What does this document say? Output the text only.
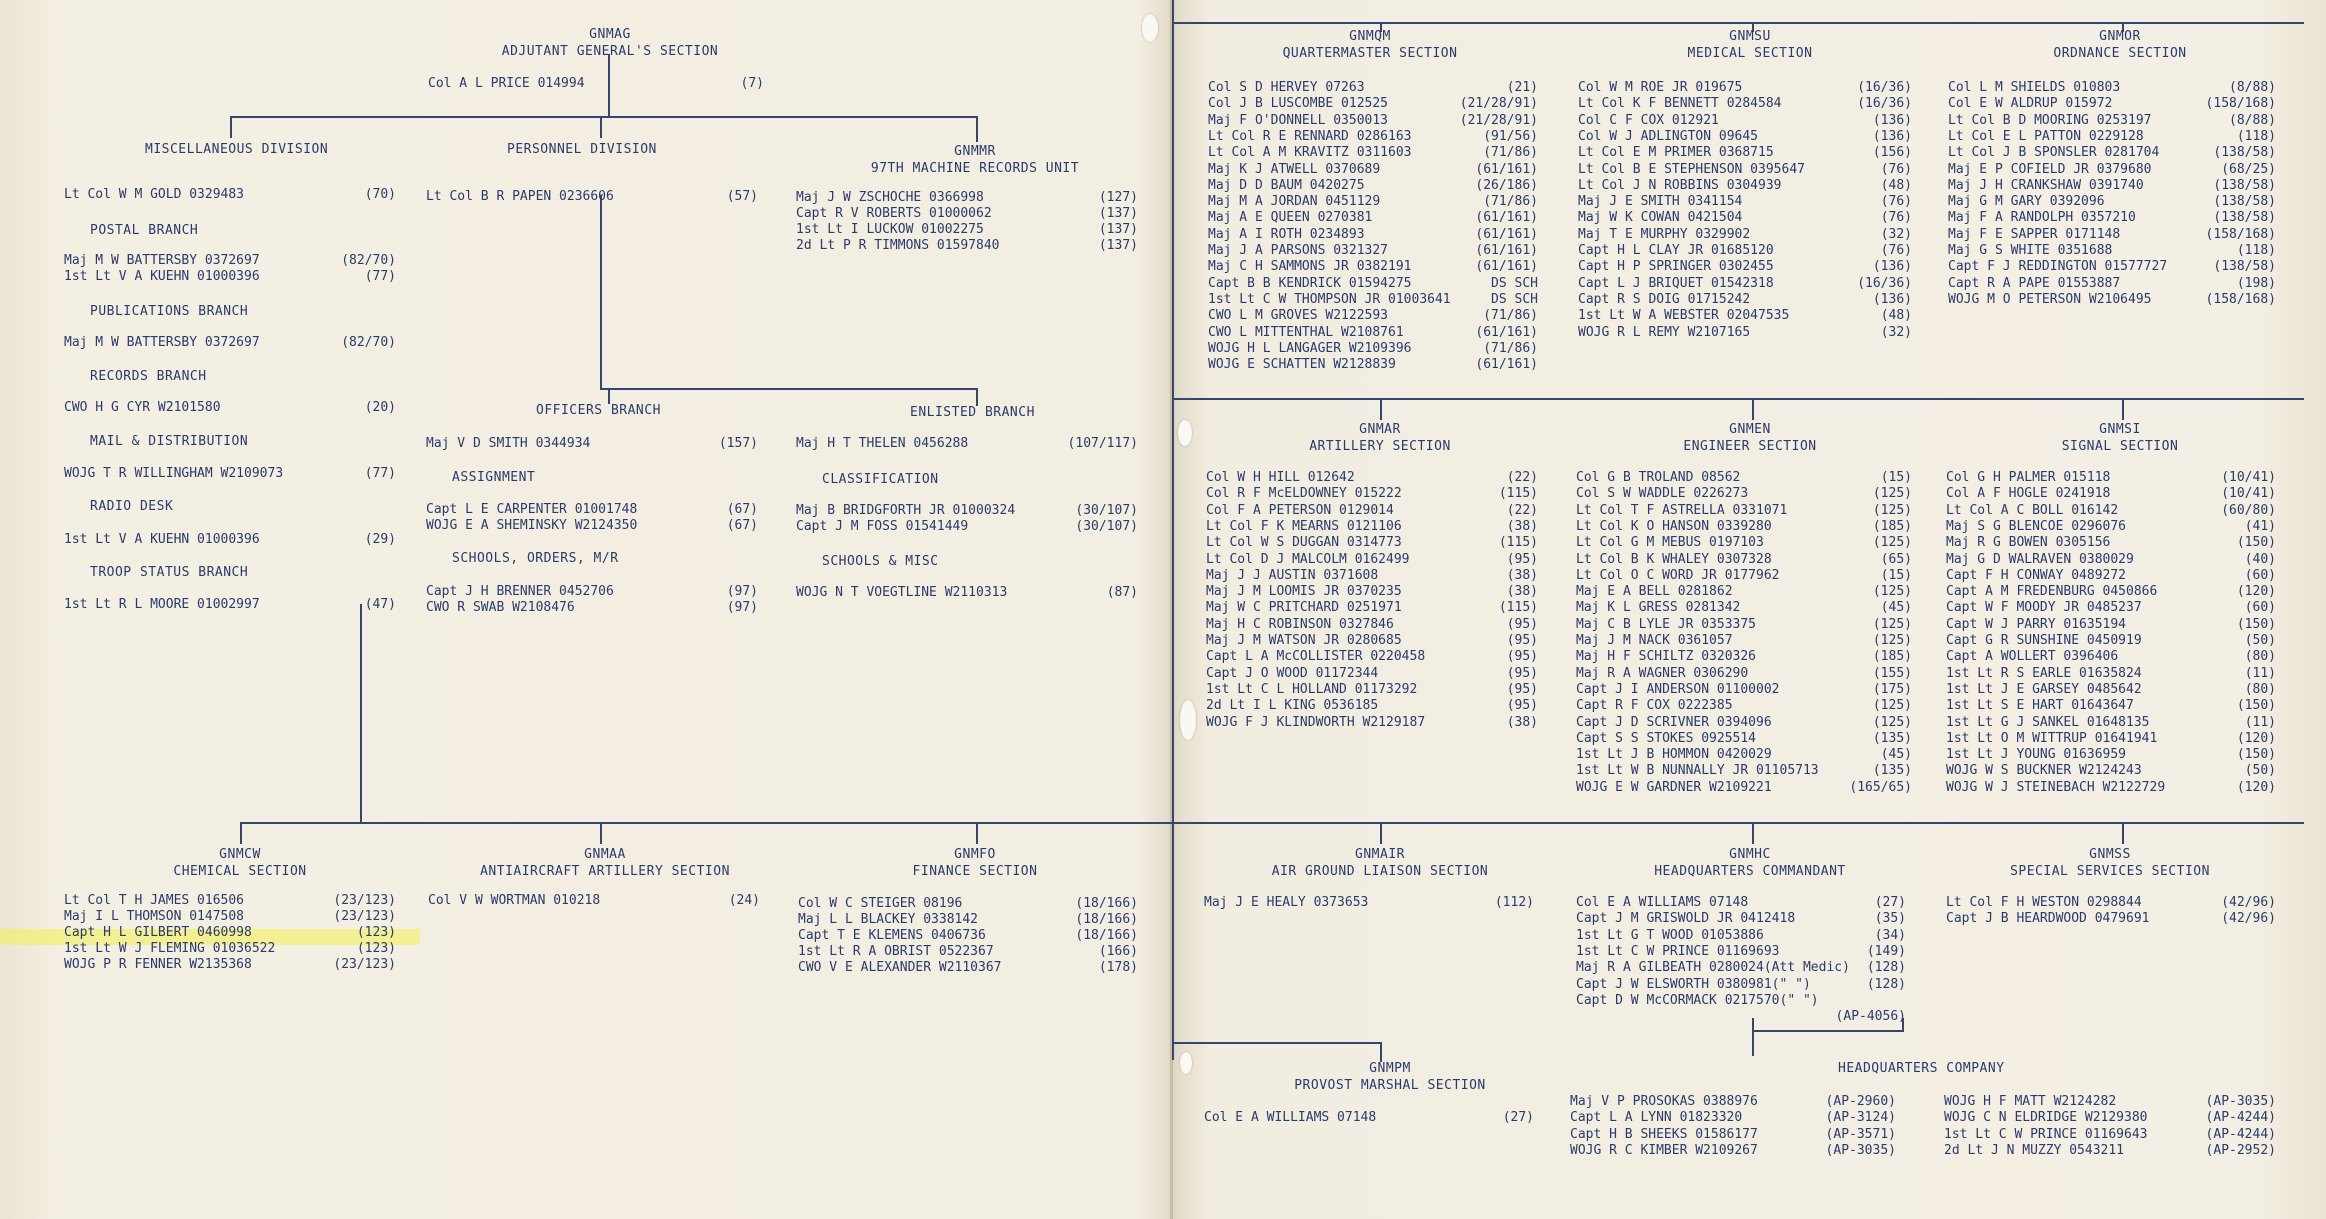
GNMAG
ADJUTANT GENERAL'S SECTION
Col A L PRICE 014994	(7)
MISCELLANEOUS DIVISION
Lt Col W M GOLD 0329483	(70)
POSTAL BRANCH
Maj M W BATTERSBY 0372697	(82/70)
1st Lt V A KUEHN 01000396	(77)
PUBLICATIONS BRANCH
Maj M W BATTERSBY 0372697	(82/70)
RECORDS BRANCH
CWO H G CYR W2101580	(20)
MAIL & DISTRIBUTION
WOJG T R WILLINGHAM W2109073	(77)
RADIO DESK
1st Lt V A KUEHN 01000396	(29)
TROOP STATUS BRANCH
1st Lt R L MOORE 01002997	(47)
PERSONNEL DIVISION
Lt Col B R PAPEN 0236606	(57)
GNMMR
97TH MACHINE RECORDS UNIT
Maj J W ZSCHOCHE 0366998	(127)
Capt R V ROBERTS 01000062	(137)
1st Lt I LUCKOW 01002275	(137)
2d Lt P R TIMMONS 01597840	(137)
OFFICERS BRANCH
Maj V D SMITH 0344934	(157)
ASSIGNMENT
Capt L E CARPENTER 01001748	(67)
WOJG E A SHEMINSKY W2124350	(67)
SCHOOLS, ORDERS, M/R
Capt J H BRENNER 0452706	(97)
CWO R SWAB W2108476	(97)
ENLISTED BRANCH
Maj H T THELEN 0456288	(107/117)
CLASSIFICATION
Maj B BRIDGFORTH JR 01000324	(30/107)
Capt J M FOSS 01541449	(30/107)
SCHOOLS & MISC
WOJG N T VOEGTLINE W2110313	(87)
GNMCW
CHEMICAL SECTION
Lt Col T H JAMES 016506	(23/123)
Maj I L THOMSON 0147508	(23/123)
Capt H L GILBERT 0460998	(123)
1st Lt W J FLEMING 01036522	(123)
WOJG P R FENNER W2135368	(23/123)
GNMAA
ANTIAIRCRAFT ARTILLERY SECTION
Col V W WORTMAN 010218	(24)
GNMFO
FINANCE SECTION
Col W C STEIGER 08196	(18/166)
Maj L L BLACKEY 0338142	(18/166)
Capt T E KLEMENS 0406736	(18/166)
1st Lt R A OBRIST 0522367	(166)
CWO V E ALEXANDER W2110367	(178)
GNMQM
QUARTERMASTER SECTION
Col S D HERVEY 07263	(21)
Col J B LUSCOMBE 012525	(21/28/91)
Maj F O'DONNELL 0350013	(21/28/91)
Lt Col R E RENNARD 0286163	(91/56)
Lt Col A M KRAVITZ 0311603	(71/86)
Maj K J ATWELL 0370689	(61/161)
Maj D D BAUM 0420275	(26/186)
Maj M A JORDAN 0451129	(71/86)
Maj A E QUEEN 0270381	(61/161)
Maj A I ROTH 0234893	(61/161)
Maj J A PARSONS 0321327	(61/161)
Maj C H SAMMONS JR 0382191	(61/161)
Capt B B KENDRICK 01594275	DS SCH
1st Lt C W THOMPSON JR 01003641	DS SCH
CWO L M GROVES W2122593	(71/86)
CWO L MITTENTHAL W2108761	(61/161)
WOJG H L LANGAGER W2109396	(71/86)
WOJG E SCHATTEN W2128839	(61/161)
GNMSU
MEDICAL SECTION
Col W M ROE JR 019675	(16/36)
Lt Col K F BENNETT 0284584	(16/36)
Col C F COX 012921	(136)
Col W J ADLINGTON 09645	(136)
Lt Col E M PRIMER 0368715	(156)
Lt Col B E STEPHENSON 0395647	(76)
Lt Col J N ROBBINS 0304939	(48)
Maj J E SMITH 0341154	(76)
Maj W K COWAN 0421504	(76)
Maj T E MURPHY 0329902	(32)
Capt H L CLAY JR 01685120	(76)
Capt H P SPRINGER 0302455	(136)
Capt L J BRIQUET 01542318	(16/36)
Capt R S DOIG 01715242	(136)
1st Lt W A WEBSTER 02047535	(48)
WOJG R L REMY W2107165	(32)
GNMOR
ORDNANCE SECTION
Col L M SHIELDS 010803	(8/88)
Col E W ALDRUP 015972	(158/168)
Lt Col B D MOORING 0253197	(8/88)
Lt Col E L PATTON 0229128	(118)
Lt Col J B SPONSLER 0281704	(138/58)
Maj E P COFIELD JR 0379680	(68/25)
Maj J H CRANKSHAW 0391740	(138/58)
Maj G M GARY 0392096	(138/58)
Maj F A RANDOLPH 0357210	(138/58)
Maj F E SAPPER 0171148	(158/168)
Maj G S WHITE 0351688	(118)
Capt F J REDDINGTON 01577727	(138/58)
Capt R A PAPE 01553887	(198)
WOJG M O PETERSON W2106495	(158/168)
GNMAR
ARTILLERY SECTION
Col W H HILL 012642	(22)
Col R F McELDOWNEY 015222	(115)
Col F A PETERSON 0129014	(22)
Lt Col F K MEARNS 0121106	(38)
Lt Col W S DUGGAN 0314773	(115)
Lt Col D J MALCOLM 0162499	(95)
Maj J J AUSTIN 0371608	(38)
Maj J M LOOMIS JR 0370235	(38)
Maj W C PRITCHARD 0251971	(115)
Maj H C ROBINSON 0327846	(95)
Maj J M WATSON JR 0280685	(95)
Capt L A McCOLLISTER 0220458	(95)
Capt J O WOOD 01172344	(95)
1st Lt C L HOLLAND 01173292	(95)
2d Lt I L KING 0536185	(95)
WOJG F J KLINDWORTH W2129187	(38)
GNMEN
ENGINEER SECTION
Col G B TROLAND 08562	(15)
Col S W WADDLE 0226273	(125)
Lt Col T F ASTRELLA 0331071	(125)
Lt Col K O HANSON 0339280	(185)
Lt Col G M MEBUS 0197103	(125)
Lt Col B K WHALEY 0307328	(65)
Lt Col O C WORD JR 0177962	(15)
Maj E A BELL 0281862	(125)
Maj K L GRESS 0281342	(45)
Maj C B LYLE JR 0353375	(125)
Maj J M NACK 0361057	(125)
Maj H F SCHILTZ 0320326	(185)
Maj R A WAGNER 0306290	(155)
Capt J I ANDERSON 01100002	(175)
Capt R F COX 0222385	(125)
Capt J D SCRIVNER 0394096	(125)
Capt S S STOKES 0925514	(135)
1st Lt J B HOMMON 0420029	(45)
1st Lt W B NUNNALLY JR 01105713	(135)
WOJG E W GARDNER W2109221	(165/65)
GNMSI
SIGNAL SECTION
Col G H PALMER 015118	(10/41)
Col A F HOGLE 0241918	(10/41)
Lt Col A C BOLL 016142	(60/80)
Maj S G BLENCOE 0296076	(41)
Maj R G BOWEN 0305156	(150)
Maj G D WALRAVEN 0380029	(40)
Capt F H CONWAY 0489272	(60)
Capt A M FREDENBURG 0450866	(120)
Capt W F MOODY JR 0485237	(60)
Capt W J PARRY 01635194	(150)
Capt G R SUNSHINE 0450919	(50)
Capt A WOLLERT 0396406	(80)
1st Lt R S EARLE 01635824	(11)
1st Lt J E GARSEY 0485642	(80)
1st Lt S E HART 01643647	(150)
1st Lt G J SANKEL 01648135	(11)
1st Lt O M WITTRUP 01641941	(120)
1st Lt J YOUNG 01636959	(150)
WOJG W S BUCKNER W2124243	(50)
WOJG W J STEINEBACH W2122729	(120)
GNMAIR
AIR GROUND LIAISON SECTION
Maj J E HEALY 0373653	(112)
GNMHC
HEADQUARTERS COMMANDANT
Col E A WILLIAMS 07148	(27)
Capt J M GRISWOLD JR 0412418	(35)
1st Lt G T WOOD 01053886	(34)
1st Lt C W PRINCE 01169693	(149)
Maj R A GILBEATH 0280024(Att Medic) (128)
Capt J W ELSWORTH 0380981(" ")	(128)
Capt D W McCORMACK 0217570(" ")
(AP-4056)
GNMSS
SPECIAL SERVICES SECTION
Lt Col F H WESTON 0298844	(42/96)
Capt J B HEARDWOOD 0479691	(42/96)
GNMPM
PROVOST MARSHAL SECTION
Col E A WILLIAMS 07148	(27)
HEADQUARTERS COMPANY
Maj V P PROSOKAS 0388976	(AP-2960)
Capt L A LYNN 01823320	(AP-3124)
Capt H B SHEEKS 01586177	(AP-3571)
WOJG R C KIMBER W2109267	(AP-3035)
WOJG H F MATT W2124282	(AP-3035)
WOJG C N ELDRIDGE W2129380	(AP-4244)
1st Lt C W PRINCE 01169643	(AP-4244)
2d Lt J N MUZZY 0543211	(AP-2952)
